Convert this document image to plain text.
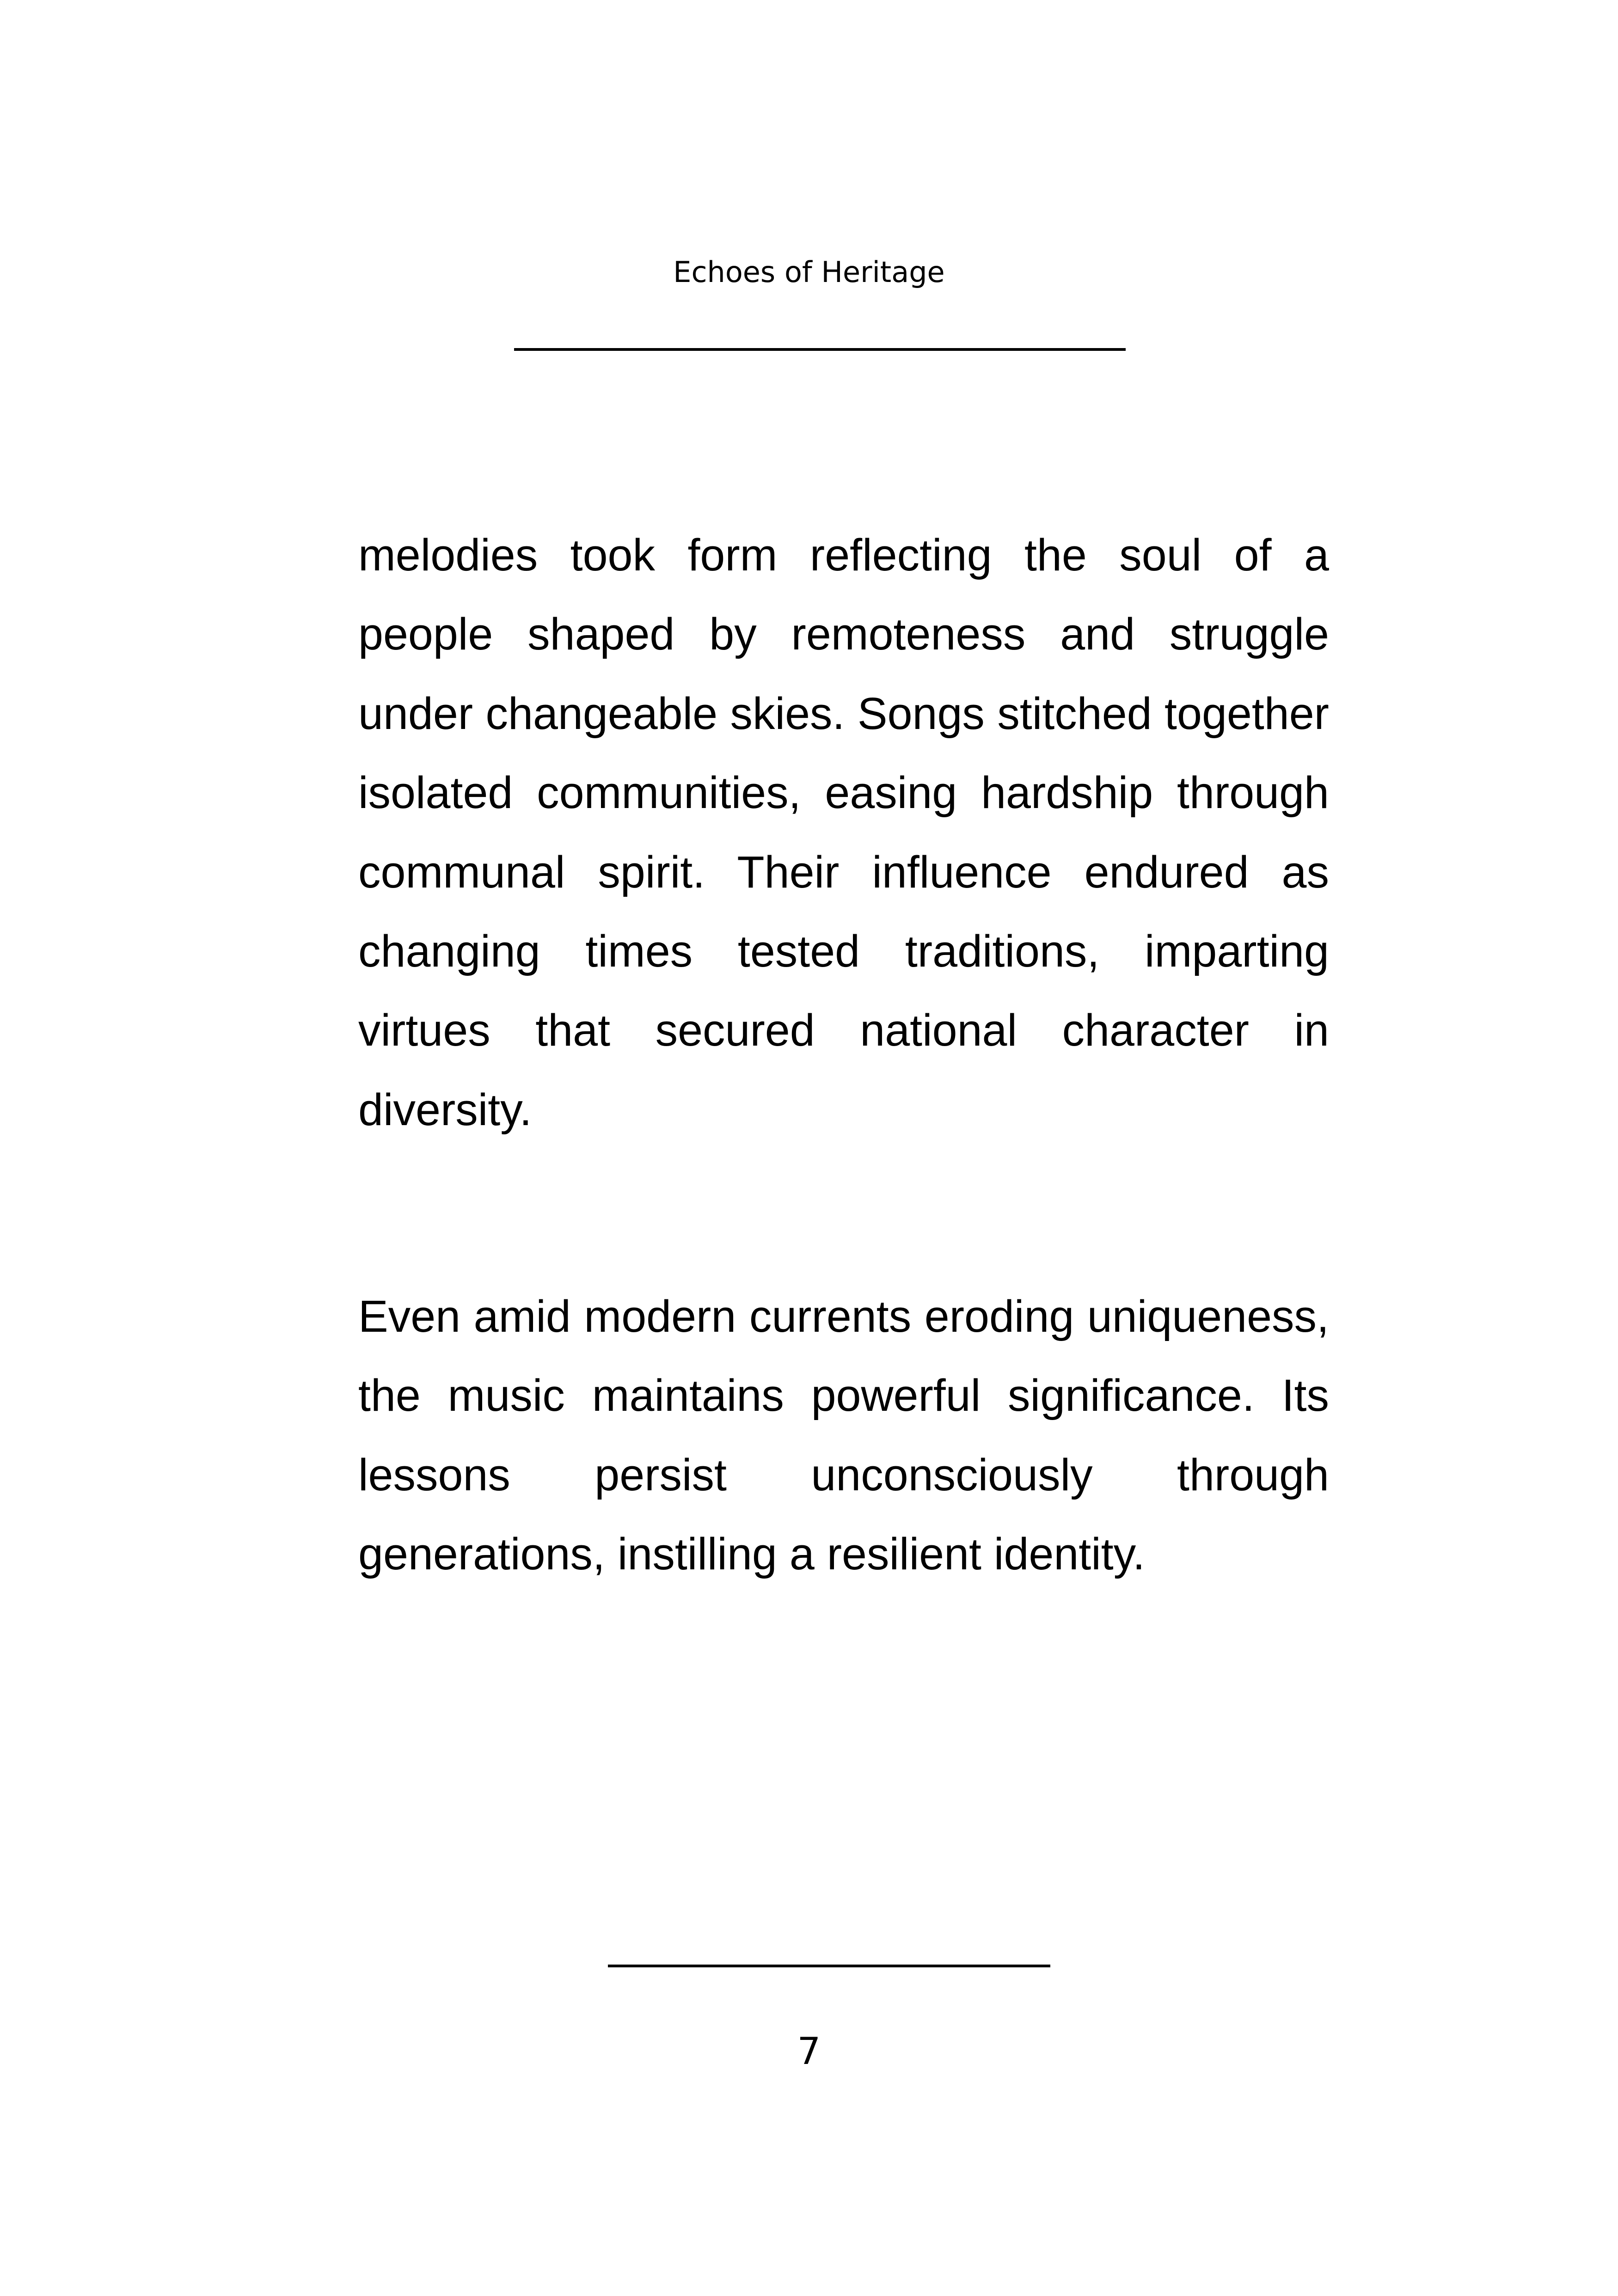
Echoes of Heritage

melodies took form reflecting the soul of a people shaped by remoteness and struggle under changeable skies. Songs stitched together isolated communities, easing hardship through communal spirit. Their influence endured as changing times tested traditions, imparting virtues that secured national character in diversity.

Even amid modern currents eroding uniqueness, the music maintains powerful significance. Its lessons persist unconsciously through generations, instilling a resilient identity.

7
